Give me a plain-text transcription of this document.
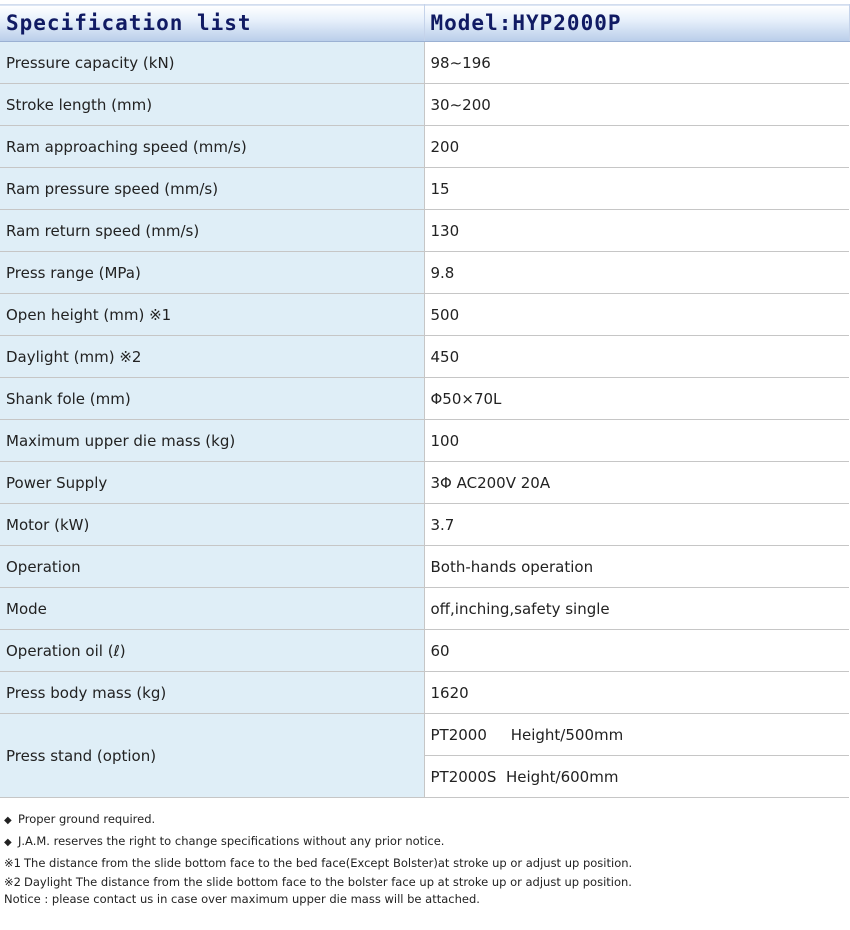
Specification list	Model:HYP2000P
Pressure capacity (kN)	98∼196
Stroke length (mm)	30∼200
Ram approaching speed (mm/s)	200
Ram pressure speed (mm/s)	15
Ram return speed (mm/s)	130
Press range (MPa)	9.8
Open height (mm) ※1	500
Daylight (mm) ※2	450
Shank fole (mm)	Φ50×70L
Maximum upper die mass (kg)	100
Power Supply	3Φ AC200V 20A
Motor (kW)	3.7
Operation	Both-hands operation
Mode	off,inching,safety single
Operation oil (ℓ)	60
Press body mass (kg)	1620
Press stand (option)	PT2000     Height/500mm
	PT2000S  Height/600mm
◆ Proper ground required.
◆ J.A.M. reserves the right to change specifications without any prior notice.
※1 The distance from the slide bottom face to the bed face(Except Bolster)at stroke up or adjust up position.
※2 Daylight The distance from the slide bottom face to the bolster face up at stroke up or adjust up position.
Notice : please contact us in case over maximum upper die mass will be attached.
